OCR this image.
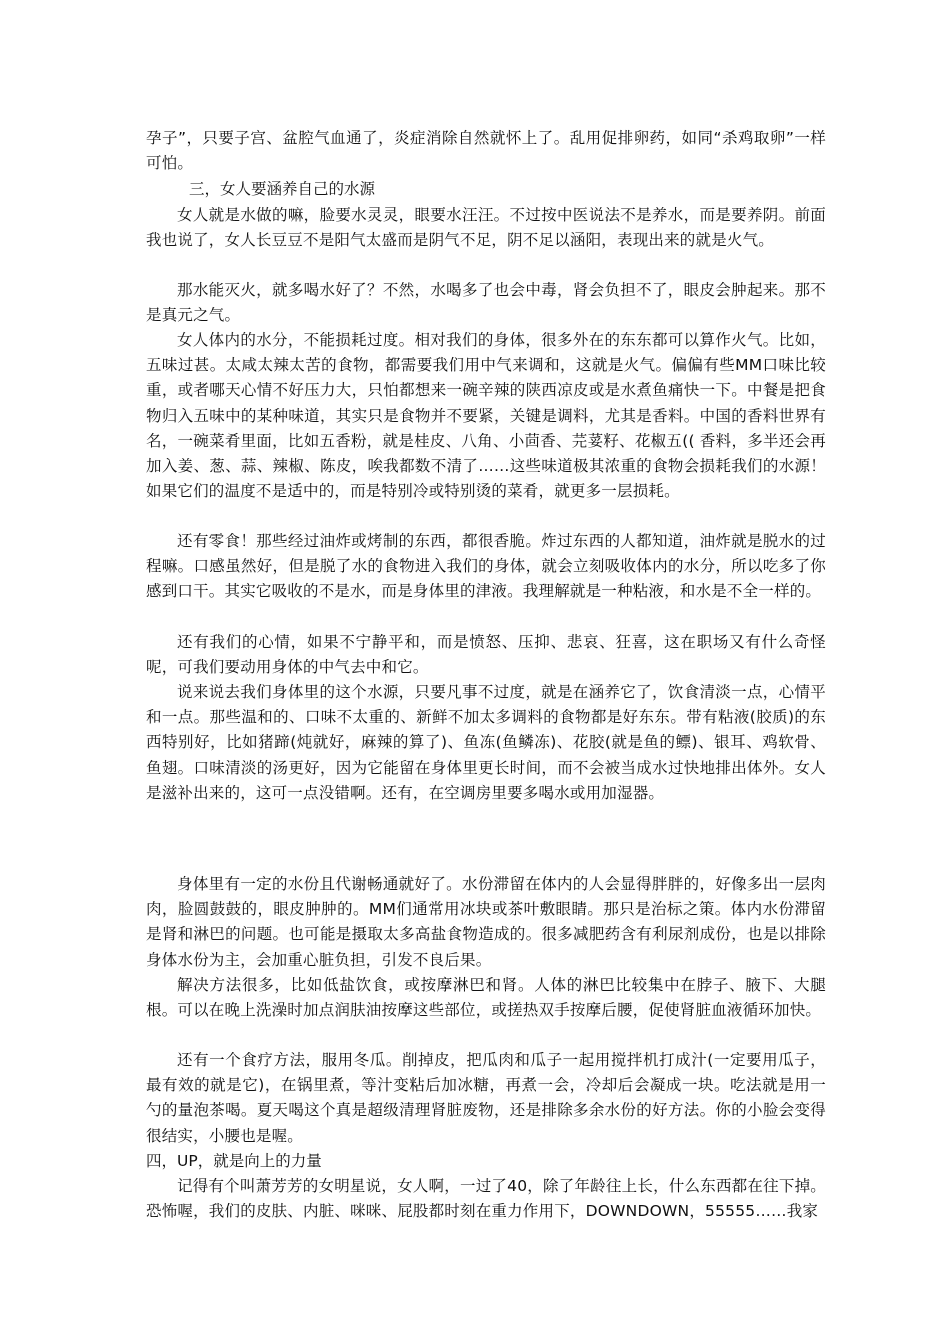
孕子”，只要子宫、盆腔气血通了，炎症消除自然就怀上了。乱用促排卵药，如同“杀鸡取卵”一样可怕。

三，女人要涵养自己的水源

女人就是水做的嘛，脸要水灵灵，眼要水汪汪。不过按中医说法不是养水，而是要养阴。前面我也说了，女人长豆豆不是阳气太盛而是阴气不足，阴不足以涵阳，表现出来的就是火气。

那水能灭火，就多喝水好了？不然，水喝多了也会中毒，肾会负担不了，眼皮会肿起来。那不是真元之气。

女人体内的水分，不能损耗过度。相对我们的身体，很多外在的东东都可以算作火气。比如，五味过甚。太咸太辣太苦的食物，都需要我们用中气来调和，这就是火气。偏偏有些MM口味比较重，或者哪天心情不好压力大，只怕都想来一碗辛辣的陕西凉皮或是水煮鱼痛快一下。中餐是把食物归入五味中的某种味道，其实只是食物并不要紧，关键是调料，尤其是香料。中国的香料世界有名，一碗菜肴里面，比如五香粉，就是桂皮、八角、小茴香、芫荽籽、花椒五(( 香料，多半还会再加入姜、葱、蒜、辣椒、陈皮，唉我都数不清了……这些味道极其浓重的食物会损耗我们的水源！如果它们的温度不是适中的，而是特别冷或特别烫的菜肴，就更多一层损耗。

还有零食！那些经过油炸或烤制的东西，都很香脆。炸过东西的人都知道，油炸就是脱水的过程嘛。口感虽然好，但是脱了水的食物进入我们的身体，就会立刻吸收体内的水分，所以吃多了你感到口干。其实它吸收的不是水，而是身体里的津液。我理解就是一种粘液，和水是不全一样的。

还有我们的心情，如果不宁静平和，而是愤怒、压抑、悲哀、狂喜，这在职场又有什么奇怪呢，可我们要动用身体的中气去中和它。

说来说去我们身体里的这个水源，只要凡事不过度，就是在涵养它了，饮食清淡一点，心情平和一点。那些温和的、口味不太重的、新鲜不加太多调料的食物都是好东东。带有粘液(胶质)的东西特别好，比如猪蹄(炖就好，麻辣的算了)、鱼冻(鱼鳞冻)、花胶(就是鱼的鳔)、银耳、鸡软骨、鱼翅。口味清淡的汤更好，因为它能留在身体里更长时间，而不会被当成水过快地排出体外。女人是滋补出来的，这可一点没错啊。还有，在空调房里要多喝水或用加湿器。

身体里有一定的水份且代谢畅通就好了。水份滞留在体内的人会显得胖胖的，好像多出一层肉肉，脸圆鼓鼓的，眼皮肿肿的。MM们通常用冰块或茶叶敷眼睛。那只是治标之策。体内水份滞留是肾和淋巴的问题。也可能是摄取太多高盐食物造成的。很多减肥药含有利尿剂成份，也是以排除身体水份为主，会加重心脏负担，引发不良后果。

解决方法很多，比如低盐饮食，或按摩淋巴和肾。人体的淋巴比较集中在脖子、腋下、大腿根。可以在晚上洗澡时加点润肤油按摩这些部位，或搓热双手按摩后腰，促使肾脏血液循环加快。

还有一个食疗方法，服用冬瓜。削掉皮，把瓜肉和瓜子一起用搅拌机打成汁(一定要用瓜子，最有效的就是它)，在锅里煮，等汁变粘后加冰糖，再煮一会，冷却后会凝成一块。吃法就是用一勺的量泡茶喝。夏天喝这个真是超级清理肾脏废物，还是排除多余水份的好方法。你的小脸会变得很结实，小腰也是喔。

四，UP，就是向上的力量

记得有个叫萧芳芳的女明星说，女人啊，一过了40，除了年龄往上长，什么东西都在往下掉。恐怖喔，我们的皮肤、内脏、咪咪、屁股都时刻在重力作用下，DOWNDOWN，55555……我家
